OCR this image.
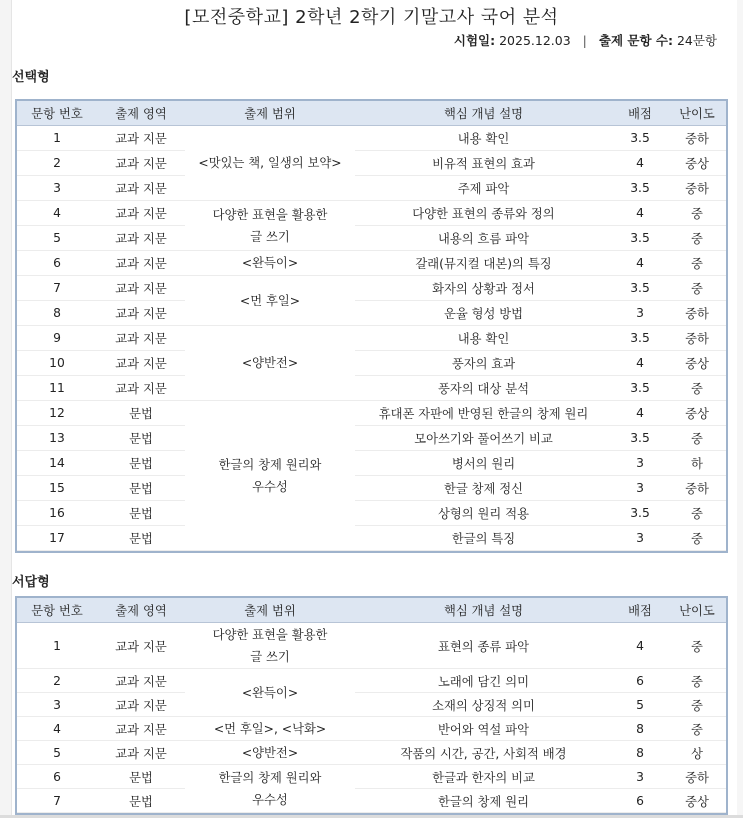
[모전중학교] 2학년 2학기 기말고사 국어 분석
시험일: 2025.12.03 | 출제 문항 수: 24문항
선택형
문항 번호	출제 영역	출제 범위	핵심 개념 설명	배점	난이도
1	교과 지문	<맛있는 책, 일생의 보약>	내용 확인	3.5	중하
2	교과 지문		비유적 표현의 효과	4	중상
3	교과 지문		주제 파악	3.5	중하
4	교과 지문	다양한 표현을 활용한
글 쓰기	다양한 표현의 종류와 정의	4	중
5	교과 지문		내용의 흐름 파악	3.5	중
6	교과 지문	<완득이>	갈래(뮤지컬 대본)의 특징	4	중
7	교과 지문	<먼 후일>	화자의 상황과 정서	3.5	중
8	교과 지문		운율 형성 방법	3	중하
9	교과 지문	<양반전>	내용 확인	3.5	중하
10	교과 지문		풍자의 효과	4	중상
11	교과 지문		풍자의 대상 분석	3.5	중
12	문법	한글의 창제 원리와
우수성	휴대폰 자판에 반영된 한글의 창제 원리	4	중상
13	문법		모아쓰기와 풀어쓰기 비교	3.5	중
14	문법		병서의 원리	3	하
15	문법		한글 창제 정신	3	중하
16	문법		상형의 원리 적용	3.5	중
17	문법		한글의 특징	3	중
서답형
문항 번호	출제 영역	출제 범위	핵심 개념 설명	배점	난이도
1	교과 지문	다양한 표현을 활용한
글 쓰기	표현의 종류 파악	4	중
2	교과 지문	<완득이>	노래에 담긴 의미	6	중
3	교과 지문		소재의 상징적 의미	5	중
4	교과 지문	<먼 후일>, <낙화>	반어와 역설 파악	8	중
5	교과 지문	<양반전>	작품의 시간, 공간, 사회적 배경	8	상
6	문법	한글의 창제 원리와
우수성	한글과 한자의 비교	3	중하
7	문법		한글의 창제 원리	6	중상
